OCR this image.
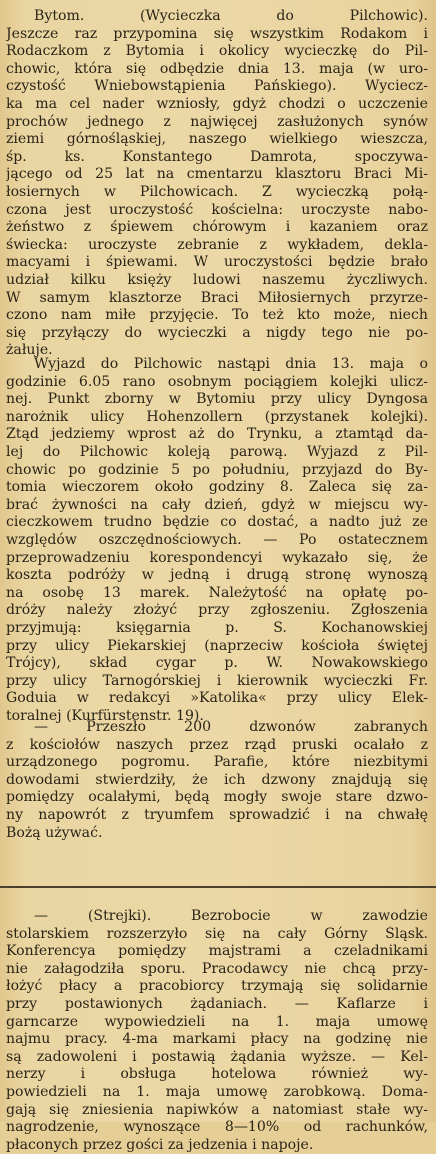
Bytom. (Wycieczka do Pilchowic).
Jeszcze raz przypomina się wszystkim Rodakom i
Rodaczkom z Bytomia i okolicy wycieczkę do Pil-
chowic, która się odbędzie dnia 13. maja (w uro-
czystość Wniebowstąpienia Pańskiego). Wyciecz-
ka ma cel nader wzniosły, gdyż chodzi o uczczenie
prochów jednego z najwięcej zasłużonych synów
ziemi górnośląskiej, naszego wielkiego wieszcza,
śp. ks. Konstantego Damrota, spoczywa-
jącego od 25 lat na cmentarzu klasztoru Braci Mi-
łosiernych w Pilchowicach. Z wycieczką połą-
czona jest uroczystość kościelna: uroczyste nabo-
żeństwo z śpiewem chórowym i kazaniem oraz
świecka: uroczyste zebranie z wykładem, dekla-
macyami i śpiewami. W uroczystości będzie brało
udział kilku księży ludowi naszemu życzliwych.
W samym klasztorze Braci Miłosiernych przyrze-
czono nam miłe przyjęcie. To też kto może, niech
się przyłączy do wycieczki a nigdy tego nie po-
żałuje.
Wyjazd do Pilchowic nastąpi dnia 13. maja o
godzinie 6.05 rano osobnym pociągiem kolejki ulicz-
nej. Punkt zborny w Bytomiu przy ulicy Dyngosa
narożnik ulicy Hohenzollern (przystanek kolejki).
Ztąd jedziemy wprost aż do Trynku, a ztamtąd da-
lej do Pilchowic koleją parową. Wyjazd z Pil-
chowic po godzinie 5 po południu, przyjazd do By-
tomia wieczorem około godziny 8. Zaleca się za-
brać żywności na cały dzień, gdyż w miejscu wy-
cieczkowem trudno będzie co dostać, a nadto już ze
względów oszczędnościowych. — Po ostatecznem
przeprowadzeniu korespondencyi wykazało się, że
koszta podróży w jedną i drugą stronę wynoszą
na osobę 13 marek. Należytość na opłatę po-
dróży należy złożyć przy zgłoszeniu. Zgłoszenia
przyjmują: księgarnia p. S. Kochanowskiej
przy ulicy Piekarskiej (naprzeciw kościoła świętej
Trójcy), skład cygar p. W. Nowakowskiego
przy ulicy Tarnogórskiej i kierownik wycieczki Fr.
Goduia w redakcyi »Katolika« przy ulicy Elek-
toralnej (Kurfürstenstr. 19).
— Przeszło 200 dzwonów zabranych
z kościołów naszych przez rząd pruski ocalało z
urządzonego pogromu. Parafie, które niezbitymi
dowodami stwierdziły, że ich dzwony znajdują się
pomiędzy ocalałymi, będą mogły swoje stare dzwo-
ny napowrót z tryumfem sprowadzić i na chwałę
Bożą używać.
— (Strejki). Bezrobocie w zawodzie
stolarskiem rozszerzyło się na cały Górny Śląsk.
Konferencya pomiędzy majstrami a czeladnikami
nie załagodziła sporu. Pracodawcy nie chcą przy-
łożyć płacy a pracobiorcy trzymają się solidarnie
przy postawionych żądaniach. — Kaflarze i
garncarze wypowiedzieli na 1. maja umowę
najmu pracy. 4-ma markami płacy na godzinę nie
są zadowoleni i postawią żądania wyższe. — Kel-
nerzy i obsługa hotelowa również wy-
powiedzieli na 1. maja umowę zarobkową. Doma-
gają się zniesienia napiwków a natomiast stałe wy-
nagrodzenie, wynoszące 8—10% od rachunków,
płaconych przez gości za jedzenia i napoje.
